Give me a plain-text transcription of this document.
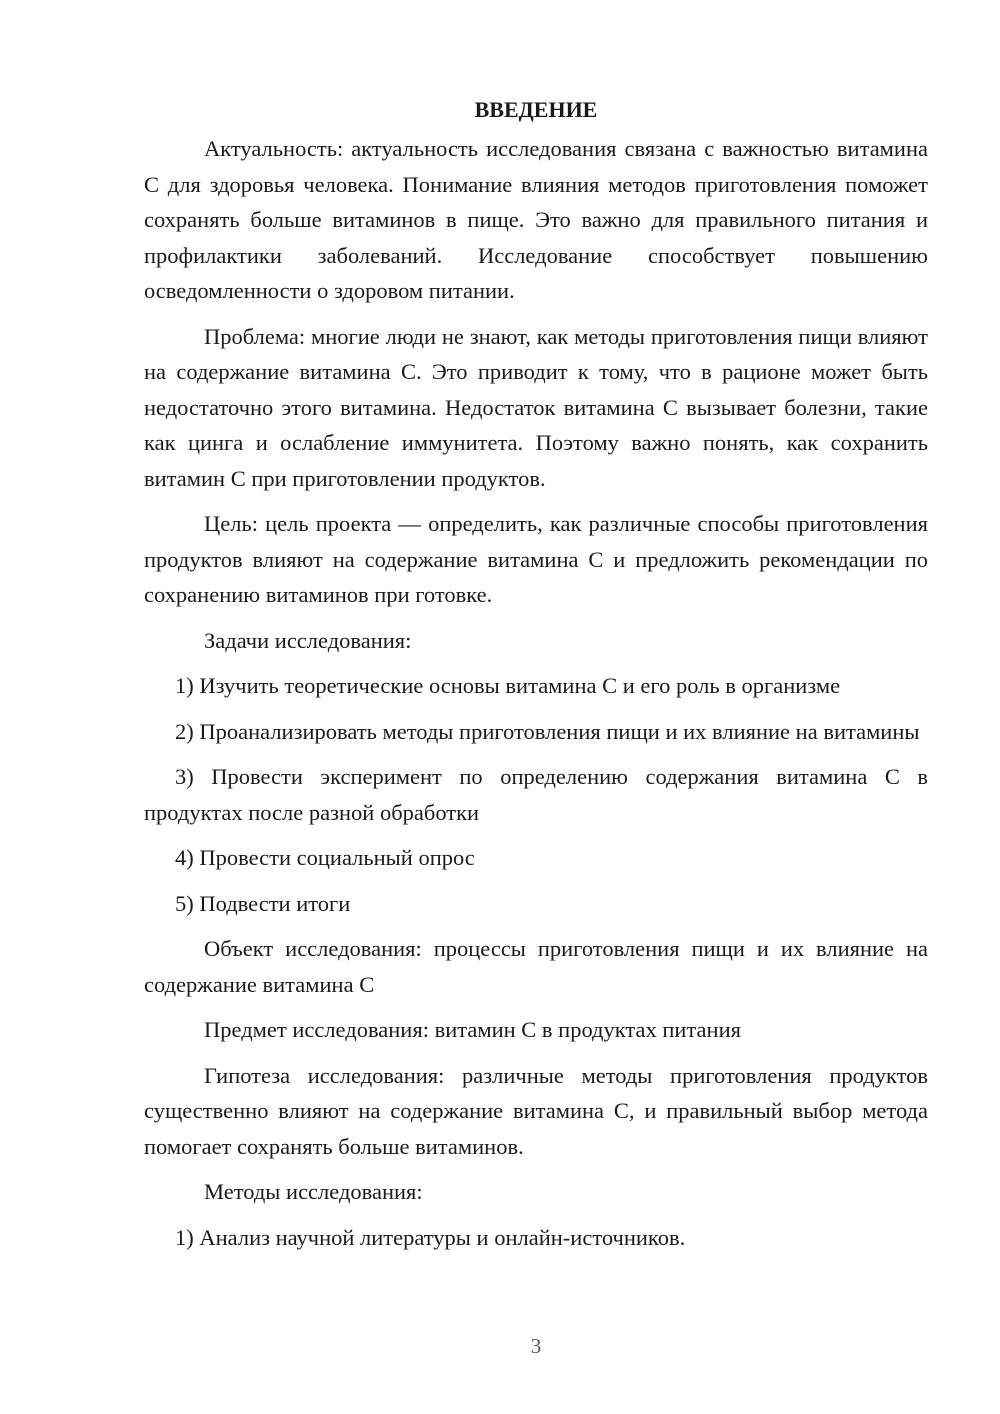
ВВЕДЕНИЕ

Актуальность: актуальность исследования связана с важностью витамина С для здоровья человека. Понимание влияния методов приготовления поможет сохранять больше витаминов в пище. Это важно для правильного питания и профилактики заболеваний. Исследование способствует повышению осведомленности о здоровом питании.

Проблема: многие люди не знают, как методы приготовления пищи влияют на содержание витамина С. Это приводит к тому, что в рационе может быть недостаточно этого витамина. Недостаток витамина С вызывает болезни, такие как цинга и ослабление иммунитета. Поэтому важно понять, как сохранить витамин С при приготовлении продуктов.

Цель: цель проекта — определить, как различные способы приготовления продуктов влияют на содержание витамина С и предложить рекомендации по сохранению витаминов при готовке.

Задачи исследования:

1) Изучить теоретические основы витамина С и его роль в организме

2) Проанализировать методы приготовления пищи и их влияние на витамины

3) Провести эксперимент по определению содержания витамина С в продуктах после разной обработки

4) Провести социальный опрос

5) Подвести итоги

Объект исследования: процессы приготовления пищи и их влияние на содержание витамина С

Предмет исследования: витамин С в продуктах питания

Гипотеза исследования: различные методы приготовления продуктов существенно влияют на содержание витамина С, и правильный выбор метода помогает сохранять больше витаминов.

Методы исследования:

1) Анализ научной литературы и онлайн-источников.

3
